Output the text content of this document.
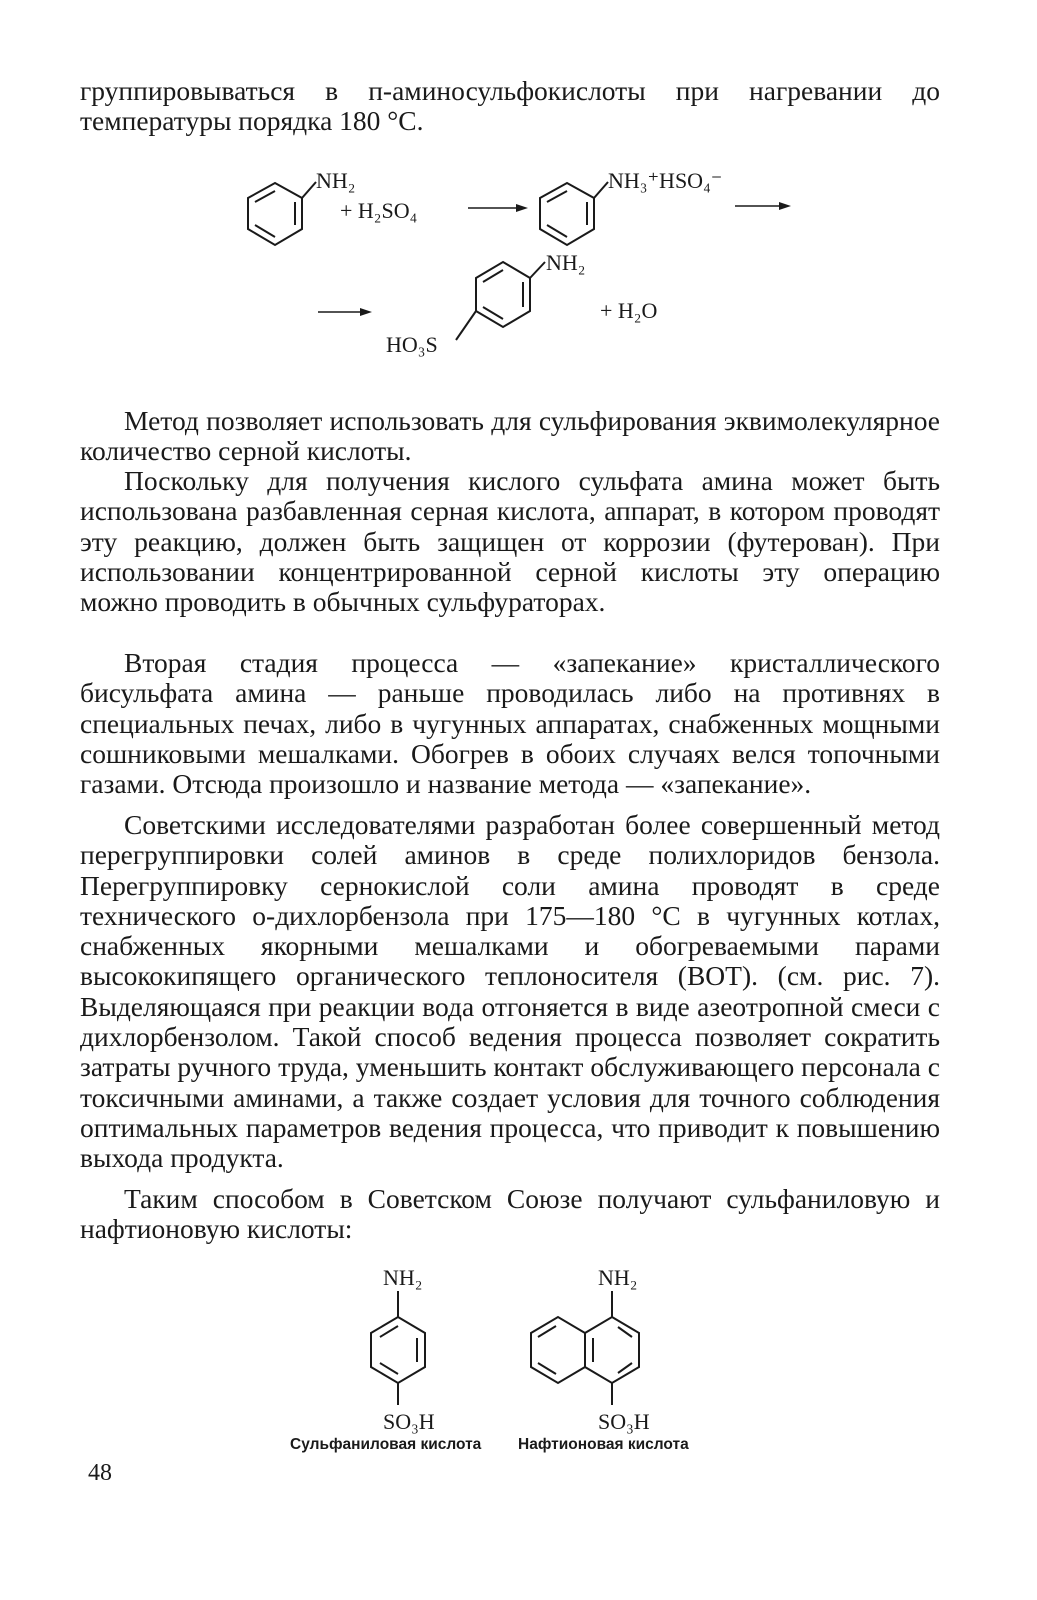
группировываться в п-аминосульфокислоты при нагревании до температуры порядка 180 °C.

NH₂
+ H₂SO₄
NH₃⁺HSO₄⁻
NH₂
HO₃S
+ H₂O

Метод позволяет использовать для сульфирования эквимолекулярное количество серной кислоты.

Поскольку для получения кислого сульфата амина может быть использована разбавленная серная кислота, аппарат, в котором проводят эту реакцию, должен быть защищен от коррозии (футерован). При использовании концентрированной серной кислоты эту операцию можно проводить в обычных сульфураторах.

Вторая стадия процесса — «запекание» кристаллического бисульфата амина — раньше проводилась либо на противнях в специальных печах, либо в чугунных аппаратах, снабженных мощными сошниковыми мешалками. Обогрев в обоих случаях велся топочными газами. Отсюда произошло и название метода — «запекание».

Советскими исследователями разработан более совершенный метод перегруппировки солей аминов в среде полихлоридов бензола. Перегруппировку сернокислой соли амина проводят в среде технического о-дихлорбензола при 175—180 °C в чугунных котлах, снабженных якорными мешалками и обогреваемыми парами высококипящего органического теплоносителя (ВОТ). (см. рис. 7). Выделяющаяся при реакции вода отгоняется в виде азеотропной смеси с дихлорбензолом. Такой способ ведения процесса позволяет сократить затраты ручного труда, уменьшить контакт обслуживающего персонала с токсичными аминами, а также создает условия для точного соблюдения оптимальных параметров ведения процесса, что приводит к повышению выхода продукта.

Таким способом в Советском Союзе получают сульфаниловую и нафтионовую кислоты:

NH₂
SO₃H
NH₂
SO₃H
Сульфаниловая кислота Нафтионовая кислота
48
